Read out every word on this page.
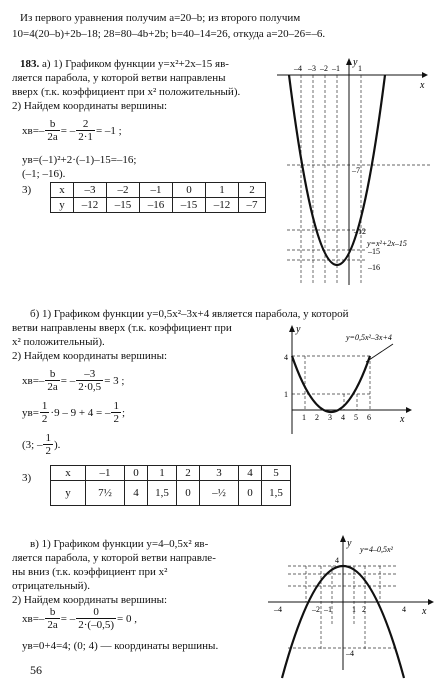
Из первого уравнения получим a=20–b; из второго получим
10=4(20–b)+2b–18; 28=80–4b+2b; b=40–14=26, откуда a=20–26=–6.
183. а) 1) Графиком функции y=x²+2x–15 яв-
ляется парабола, у которой ветви направлены
вверх (т.к. коэффициент при x² положительный).
2) Найдем координаты вершины:
$xв=- \frac{b}{2a}$ = – $\frac{2}{2\cdot 1} = -1$ ;
yв=(–1)²+2·(–1)–15=–16;
(–1; –16).
3)	x	–3	–2	–1	0	1	2
y	–12	–15	–16	–15	–12	–7
y
x
–4 –3 –2 –1 1
–7
–12
–15
–16
y=x²+2x–15
б) 1) Графиком функции y=0,5x²–3x+4 является парабола, у которой
ветви направлены вверх (т.к. коэффициент при
x² положительный).
2) Найдем координаты вершины:
$xв=- \frac{b}{2a}$ = – $\frac{-3}{2\cdot 0,5} = 3$ ;
$yв= \frac{1}{2} \cdot 9 - 9 + 4$ = – $\frac{1}{2}$ ;
(3; – $\frac{1}{2}$ ).
3)	x	–1	0	1	2	3	4	5
y	7½	4	1,5	0	–½	0	1,5
y
x
4
1
1 2 3 4 5 6
y=0,5x²–3x+4
в) 1) Графиком функции y=4–0,5x² яв-
ляется парабола, у которой ветви направле-
ны вниз (т.к. коэффициент при x²
отрицательный).
2) Найдем координаты вершины:
$xв=- \frac{b}{2a}$ = – $\frac{0}{2\cdot(-0,5)} = 0$ ,
yв=0+4=4; (0; 4) — координаты вершины.
y
x
4
–4
–4	–2 –1	1 2	4
y=4–0,5x²
56
